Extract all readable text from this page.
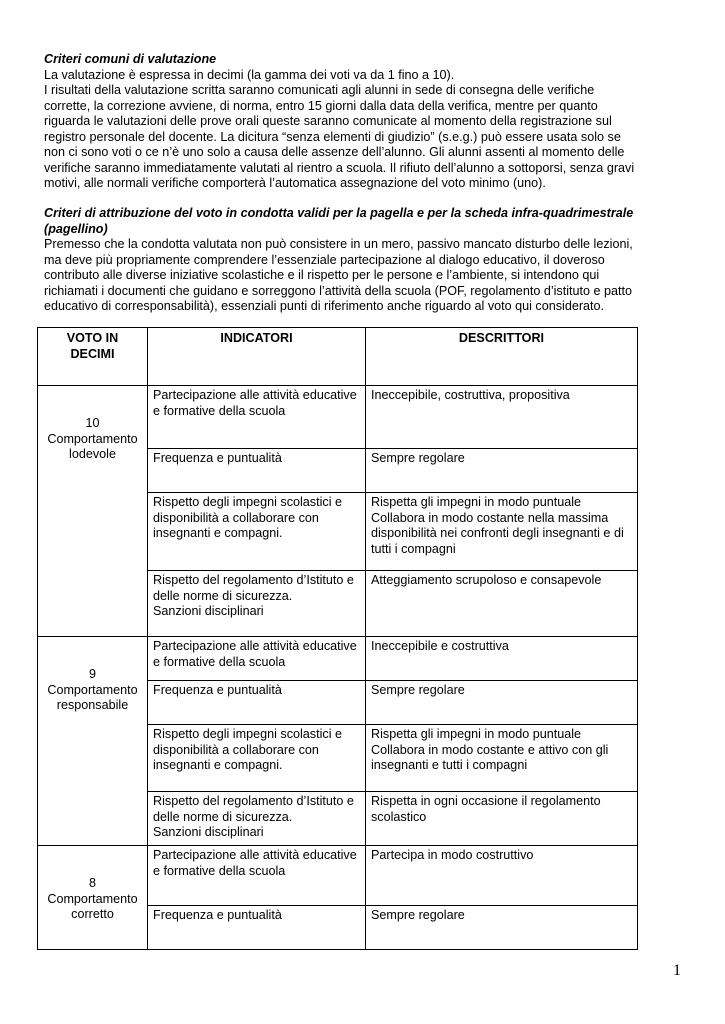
Criteri comuni di valutazione
La valutazione è espressa in decimi (la gamma dei voti va da 1 fino a 10).
I risultati della valutazione scritta saranno comunicati agli alunni in sede di consegna delle verifiche
corrette, la correzione avviene, di norma, entro 15 giorni dalla data della verifica, mentre per quanto
riguarda le valutazioni delle prove orali queste saranno comunicate al momento della registrazione sul
registro personale del docente. La dicitura “senza elementi di giudizio” (s.e.g.) può essere usata solo se
non ci sono voti o ce n’è uno solo a causa delle assenze dell’alunno. Gli alunni assenti al momento delle
verifiche saranno immediatamente valutati al rientro a scuola. Il rifiuto dell’alunno a sottoporsi, senza gravi
motivi, alle normali verifiche comporterà l’automatica assegnazione del voto minimo (uno).
Criteri di attribuzione del voto in condotta validi per la pagella e per la scheda infra-quadrimestrale
(pagellino)
Premesso che la condotta valutata non può consistere in un mero, passivo mancato disturbo delle lezioni,
ma deve più propriamente comprendere l’essenziale partecipazione al dialogo educativo, il doveroso
contributo alle diverse iniziative scolastiche e il rispetto per le persone e l’ambiente, si intendono qui
richiamati i documenti che guidano e sorreggono l’attività della scuola (POF, regolamento d’istituto e patto
educativo di corresponsabilità), essenziali punti di riferimento anche riguardo al voto qui considerato.
VOTO IN DECIMI	INDICATORI	DESCRITTORI

10
Comportamento
lodevole	Partecipazione alle attività educative e formative della scuola	Ineccepibile, costruttiva, propositiva
	Frequenza e puntualità	Sempre regolare
	Rispetto degli impegni scolastici e disponibilità a collaborare con insegnanti e compagni.	Rispetta gli impegni in modo puntuale
Collabora in modo costante nella massima disponibilità nei confronti degli insegnanti e di tutti i compagni
	Rispetto del regolamento d’Istituto e delle norme di sicurezza.
Sanzioni disciplinari	Atteggiamento scrupoloso e consapevole

9
Comportamento
responsabile	Partecipazione alle attività educative e formative della scuola	Ineccepibile e costruttiva
	Frequenza e puntualità	Sempre regolare
	Rispetto degli impegni scolastici e disponibilità a collaborare con insegnanti e compagni.	Rispetta gli impegni in modo puntuale
Collabora in modo costante e attivo con gli insegnanti e tutti i compagni
	Rispetto del regolamento d’Istituto e delle norme di sicurezza.
Sanzioni disciplinari	Rispetta in ogni occasione il regolamento scolastico

8
Comportamento
corretto	Partecipazione alle attività educative e formative della scuola	Partecipa in modo costruttivo
	Frequenza e puntualità	Sempre regolare
1
